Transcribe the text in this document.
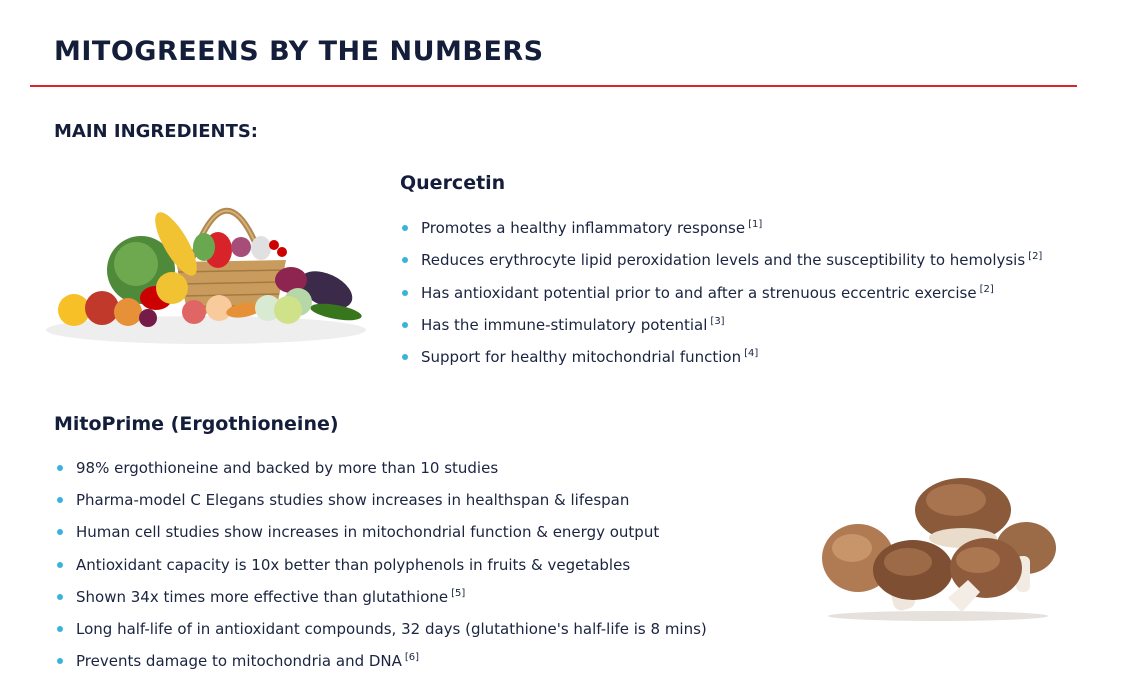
MITOGREENS BY THE NUMBERS
MAIN INGREDIENTS:
Quercetin
Promotes a healthy inflammatory response [1]
Reduces erythrocyte lipid peroxidation levels and the susceptibility to hemolysis [2]
Has antioxidant potential prior to and after a strenuous eccentric exercise [2]
Has the immune-stimulatory potential [3]
Support for healthy mitochondrial function [4]
MitoPrime (Ergothioneine)
98% ergothioneine and backed by more than 10 studies
Pharma-model C Elegans studies show increases in healthspan & lifespan
Human cell studies show increases in mitochondrial function & energy output
Antioxidant capacity is 10x better than polyphenols in fruits & vegetables
Shown 34x times more effective than glutathione [5]
Long half-life of in antioxidant compounds, 32 days (glutathione's half-life is 8 mins)
Prevents damage to mitochondria and DNA [6]
